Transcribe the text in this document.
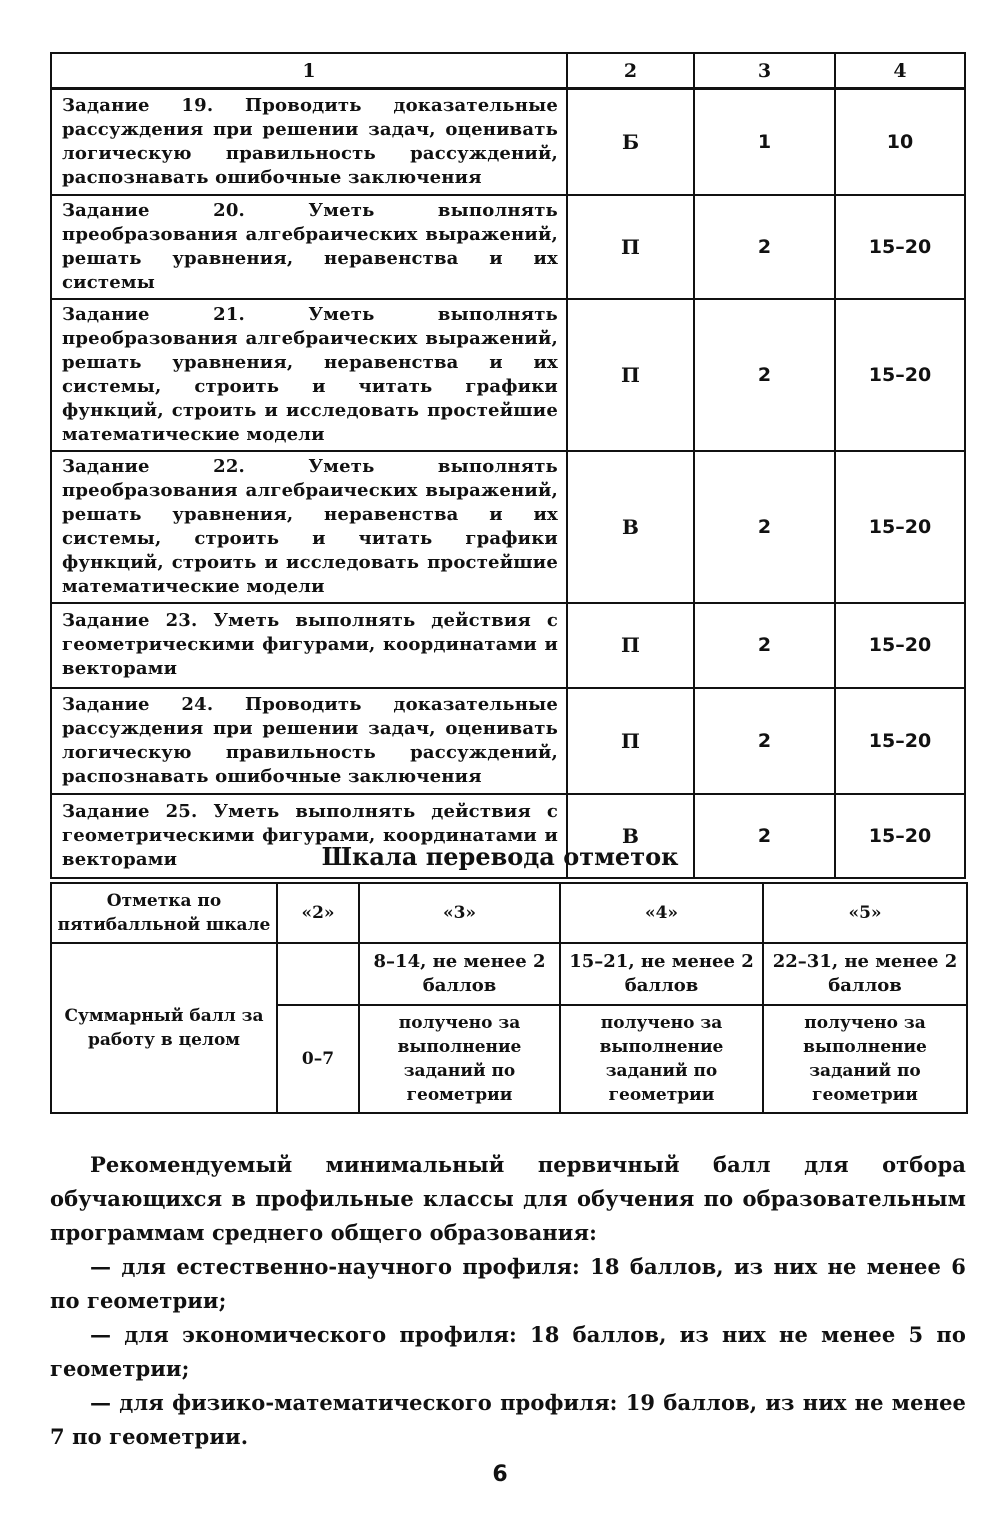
1	2	3	4
Задание 19. Проводить доказательные рассуждения при решении задач, оценивать логическую правильность рассуждений, распознавать ошибочные заключения	Б	1	10
Задание 20. Уметь выполнять преобразования алгебраических выражений, решать уравнения, неравенства и их системы	П	2	15–20
Задание 21. Уметь выполнять преобразования алгебраических выражений, решать уравнения, неравенства и их системы, строить и читать графики функций, строить и исследовать простейшие математические модели	П	2	15–20
Задание 22. Уметь выполнять преобразования алгебраических выражений, решать уравнения, неравенства и их системы, строить и читать графики функций, строить и исследовать простейшие математические модели	В	2	15–20
Задание 23. Уметь выполнять действия с геометрическими фигурами, координатами и векторами	П	2	15–20
Задание 24. Проводить доказательные рассуждения при решении задач, оценивать логическую правильность рассуждений, распознавать ошибочные заключения	П	2	15–20
Задание 25. Уметь выполнять действия с геометрическими фигурами, координатами и векторами	В	2	15–20
Шкала перевода отметок
Отметка по пятибалльной шкале	«2»	«3»	«4»	«5»
Суммарный балл за работу в целом		8–14, не менее 2 баллов	15–21, не менее 2 баллов	22–31, не менее 2 баллов
	0–7	получено за выполнение заданий по геометрии	получено за выполнение заданий по геометрии	получено за выполнение заданий по геометрии
Рекомендуемый минимальный первичный балл для отбора обучающихся в профильные классы для обучения по образовательным программам среднего общего образования:
— для естественно-научного профиля: 18 баллов, из них не менее 6 по геометрии;
— для экономического профиля: 18 баллов, из них не менее 5 по геометрии;
— для физико-математического профиля: 19 баллов, из них не менее 7 по геометрии.
6
